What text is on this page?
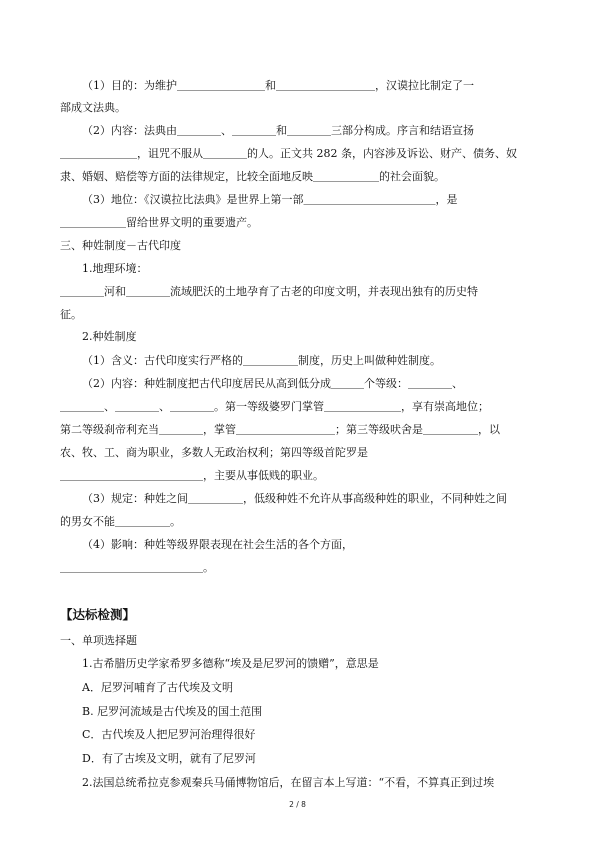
（1）目的：为维护＿＿＿＿＿＿＿＿和＿＿＿＿＿＿＿＿＿，汉谟拉比制定了一
部成文法典。
（2）内容：法典由＿＿＿＿、＿＿＿＿和＿＿＿＿三部分构成。序言和结语宣扬
＿＿＿＿＿＿＿，诅咒不服从＿＿＿＿的人。正文共 282 条，内容涉及诉讼、财产、债务、奴
隶、婚姻、赔偿等方面的法律规定，比较全面地反映＿＿＿＿＿＿的社会面貌。
（3）地位：《汉谟拉比法典》是世界上第一部＿＿＿＿＿＿＿＿＿＿＿＿，是
＿＿＿＿＿＿留给世界文明的重要遗产。
三、种姓制度－古代印度
1.地理环境：
＿＿＿＿河和＿＿＿＿流域肥沃的土地孕育了古老的印度文明，并表现出独有的历史特
征。
2.种姓制度
（1）含义：古代印度实行严格的＿＿＿＿＿制度，历史上叫做种姓制度。
（2）内容：种姓制度把古代印度居民从高到低分成＿＿＿个等级：＿＿＿＿、
＿＿＿＿、＿＿＿＿、＿＿＿＿。第一等级婆罗门掌管＿＿＿＿＿＿＿，享有崇高地位；
第二等级刹帝利充当＿＿＿＿，掌管＿＿＿＿＿＿＿＿＿；第三等级吠舍是＿＿＿＿＿，以
农、牧、工、商为职业，多数人无政治权利；第四等级首陀罗是
＿＿＿＿＿＿＿＿＿＿＿＿＿，主要从事低贱的职业。
（3）规定：种姓之间＿＿＿＿＿，低级种姓不允许从事高级种姓的职业，不同种姓之间
的男女不能＿＿＿＿＿。
（4）影响：种姓等级界限表现在社会生活的各个方面，
＿＿＿＿＿＿＿＿＿＿＿＿＿。
【达标检测】
一、单项选择题
1.古希腊历史学家希罗多德称“埃及是尼罗河的馈赠”，意思是
A．尼罗河哺育了古代埃及文明
B. 尼罗河流域是古代埃及的国土范围
C．古代埃及人把尼罗河治理得很好
D．有了古埃及文明，就有了尼罗河
2.法国总统希拉克参观秦兵马俑博物馆后，在留言本上写道：“不看，不算真正到过埃
2 / 8
